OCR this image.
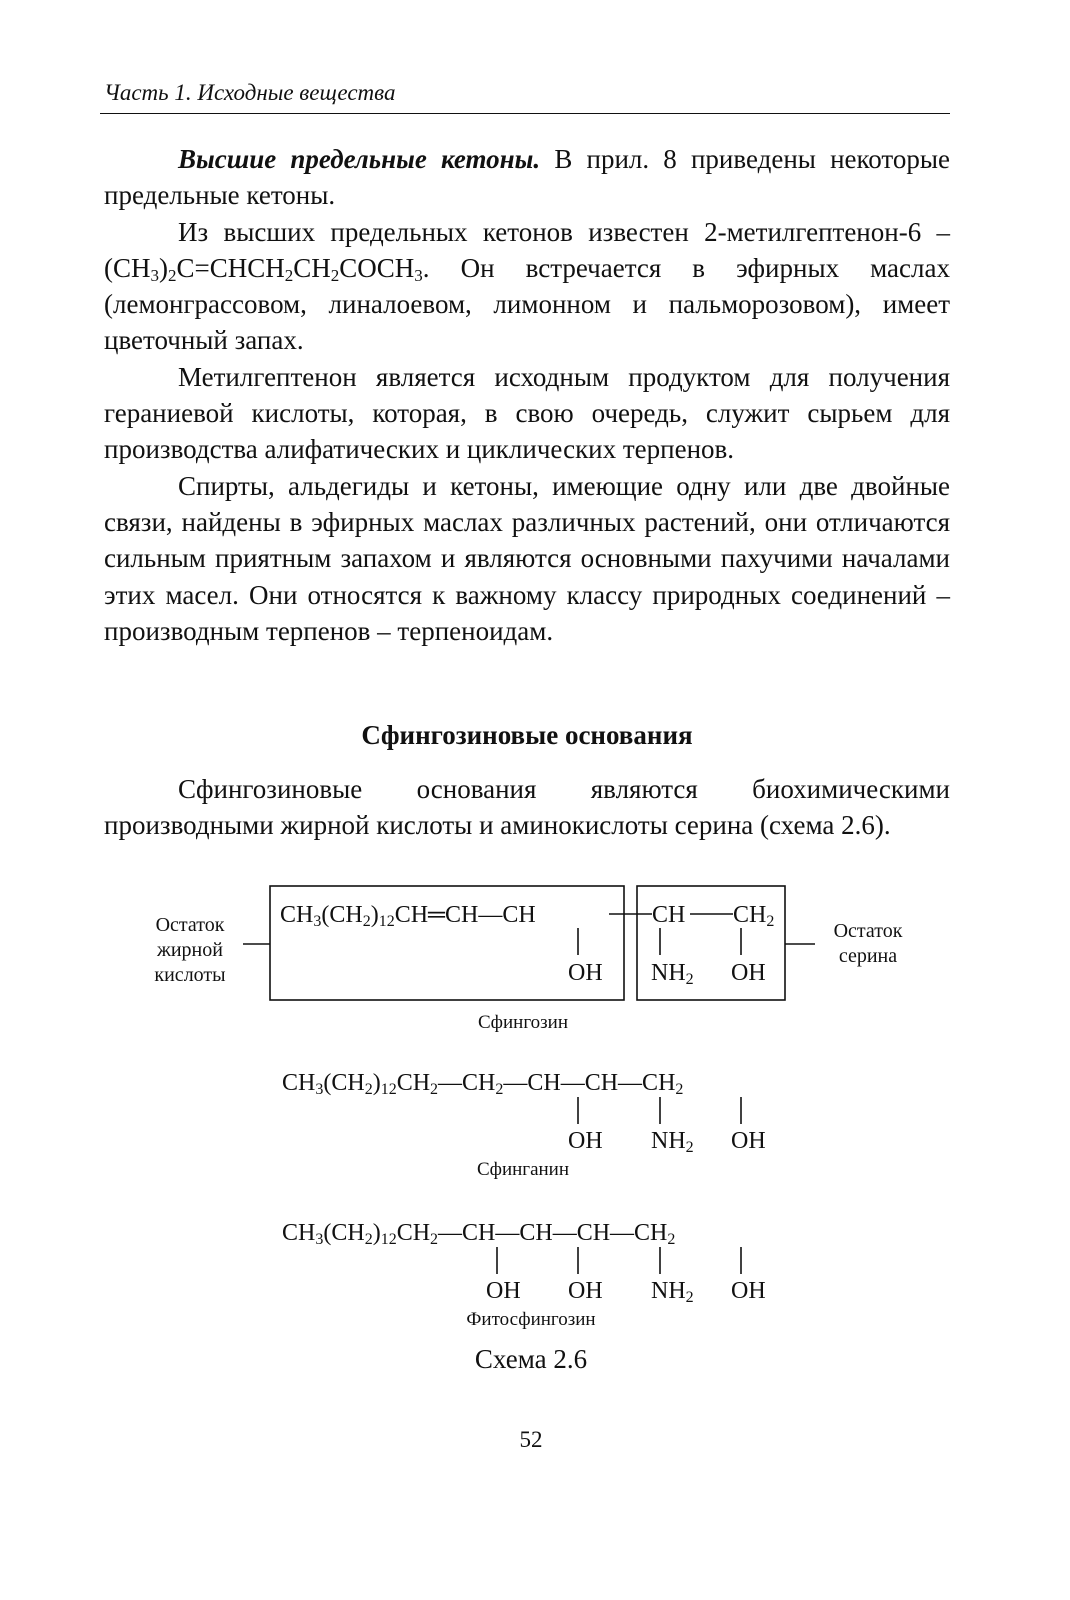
Часть 1. Исходные вещества

Высшие предельные кетоны. В прил. 8 приведены некоторые предельные кетоны.

Из высших предельных кетонов известен 2-метилгептенон-6 – $(CH_3)_2C=CHCH_2CH_2COCH_3$. Он встречается в эфирных маслах (лемонграссовом, линалоевом, лимонном и пальморозовом), имеет цветочный запах.

Метилгептенон является исходным продуктом для получения гераниевой кислоты, которая, в свою очередь, служит сырьем для производства алифатических и циклических терпенов.

Спирты, альдегиды и кетоны, имеющие одну или две двойные связи, найдены в эфирных маслах различных растений, они отличаются сильным приятным запахом и являются основными пахучими началами этих масел. Они относятся к важному классу природных соединений – производным терпенов – терпеноидам.

Сфингозиновые основания

Сфингозиновые основания являются биохимическими производными жирной кислоты и аминокислоты серина (схема 2.6).

Остаток
жирной
кислоты
Остаток
серина
CH3(CH2)12CH═CH—CH	CH CH2
OH NH2 OH
Сфингозин
CH3(CH2)12CH2—CH2—CH—CH—CH2
OH NH2 OH
Сфинганин
CH3(CH2)12CH2—CH—CH—CH—CH2
OH OH NH2 OH
Фитосфингозин
Схема 2.6
52
